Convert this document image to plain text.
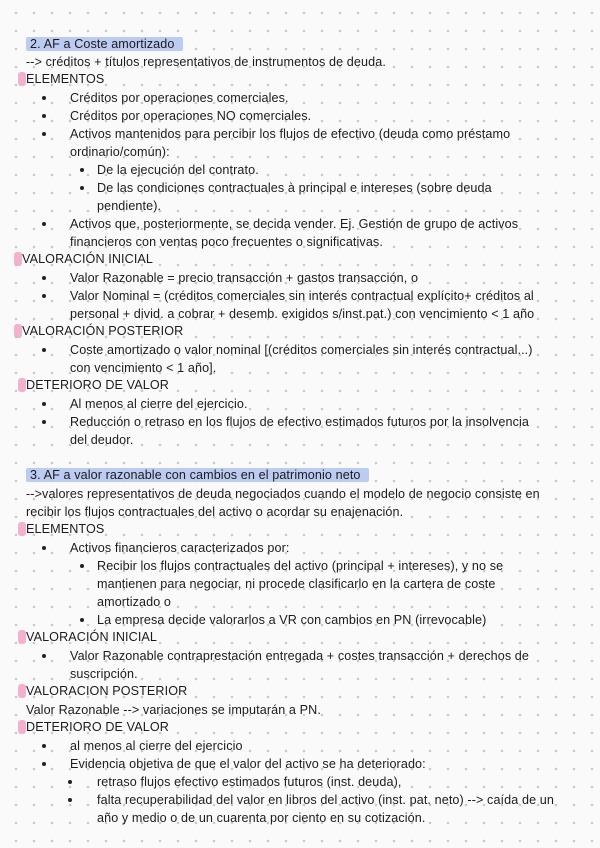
2. AF a Coste amortizado
--> créditos + títulos representativos de instrumentos de deuda.
ELEMENTOS
Créditos por operaciones comerciales.
Créditos por operaciones NO comerciales.
Activos mantenidos para percibir los flujos de efectivo (deuda como préstamo
ordinario/común):
De la ejecución del contrato.
De las condiciones contractuales à principal e intereses (sobre deuda
pendiente).
Activos que, posteriormente, se decida vender. Ej. Gestión de grupo de activos
financieros con ventas poco frecuentes o significativas.
VALORACIÓN INICIAL
Valor Razonable = precio transacción + gastos transacción, o
Valor Nominal = (créditos comerciales sin interés contractual explícito+ créditos al
personal + divid. a cobrar + desemb. exigidos s/inst.pat.) con vencimiento < 1 año
VALORACIÓN POSTERIOR
Coste amortizado o valor nominal [(créditos comerciales sin interés contractual...)
con vencimiento < 1 año].
DETERIORO DE VALOR
Al menos al cierre del ejercicio.
Reducción o retraso en los flujos de efectivo estimados futuros por la insolvencia
del deudor.
3. AF a valor razonable con cambios en el patrimonio neto
-->valores representativos de deuda negociados cuando el modelo de negocio consiste en
recibir los flujos contractuales del activo o acordar su enajenación.
ELEMENTOS
Activos financieros caracterizados por:
Recibir los flujos contractuales del activo (principal + intereses), y no se
mantienen para negociar, ni procede clasificarlo en la cartera de coste
amortizado o
La empresa decide valorarlos a VR con cambios en PN (irrevocable)
VALORACIÓN INICIAL
Valor Razonable contraprestación entregada + costes transacción + derechos de
suscripción.
VALORACION POSTERIOR
Valor Razonable --> variaciones se imputarán a PN.
DETERIORO DE VALOR
al menos al cierre del ejercicio
Evidencia objetiva de que el valor del activo se ha deteriorado:
retraso flujos efectivo estimados futuros (inst. deuda),
falta recuperabilidad del valor en libros del activo (inst. pat. neto) --> caída de un
año y medio o de un cuarenta por ciento en su cotización.
